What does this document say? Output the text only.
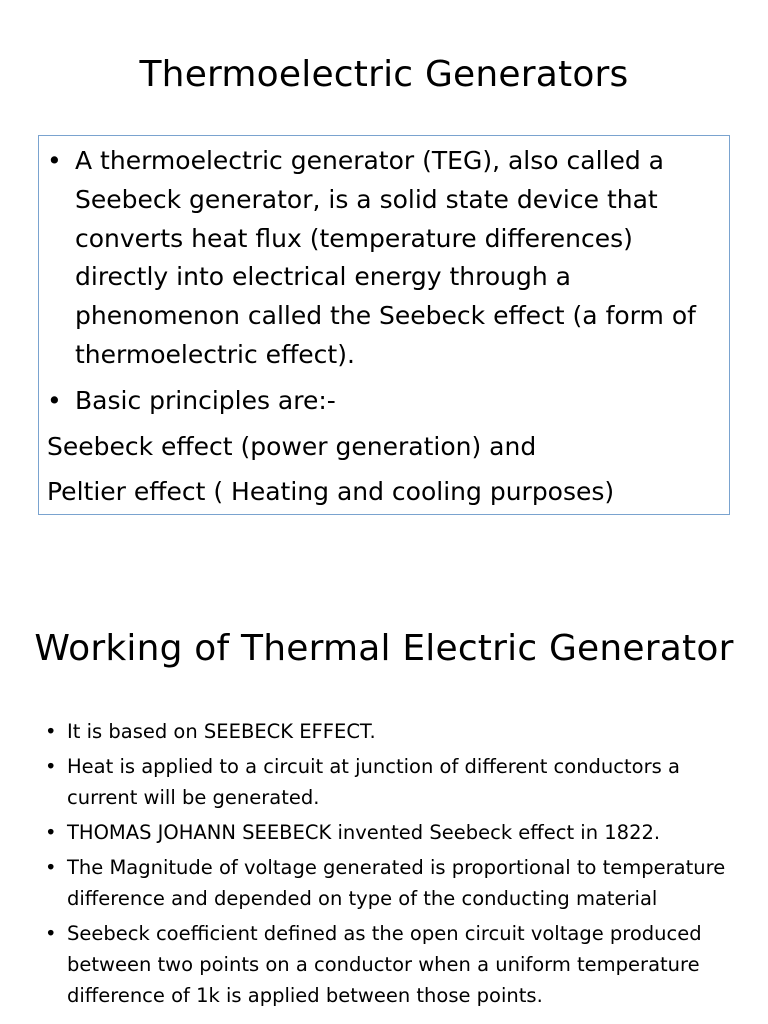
Thermoelectric Generators
• A thermoelectric generator (TEG), also called a Seebeck generator, is a solid state device that converts heat flux (temperature differences) directly into electrical energy through a phenomenon called the Seebeck effect (a form of thermoelectric effect).
• Basic principles are:-
Seebeck effect (power generation) and
Peltier effect ( Heating and cooling purposes)
Working of Thermal Electric Generator
• It is based on SEEBECK EFFECT.
• Heat is applied to a circuit at junction of different conductors a current will be generated.
• THOMAS JOHANN SEEBECK invented Seebeck effect in 1822.
• The Magnitude of voltage generated is proportional to temperature difference and depended on type of the conducting material
• Seebeck coefficient defined as the open circuit voltage produced between two points on a conductor when a uniform temperature difference of 1k is applied between those points.
